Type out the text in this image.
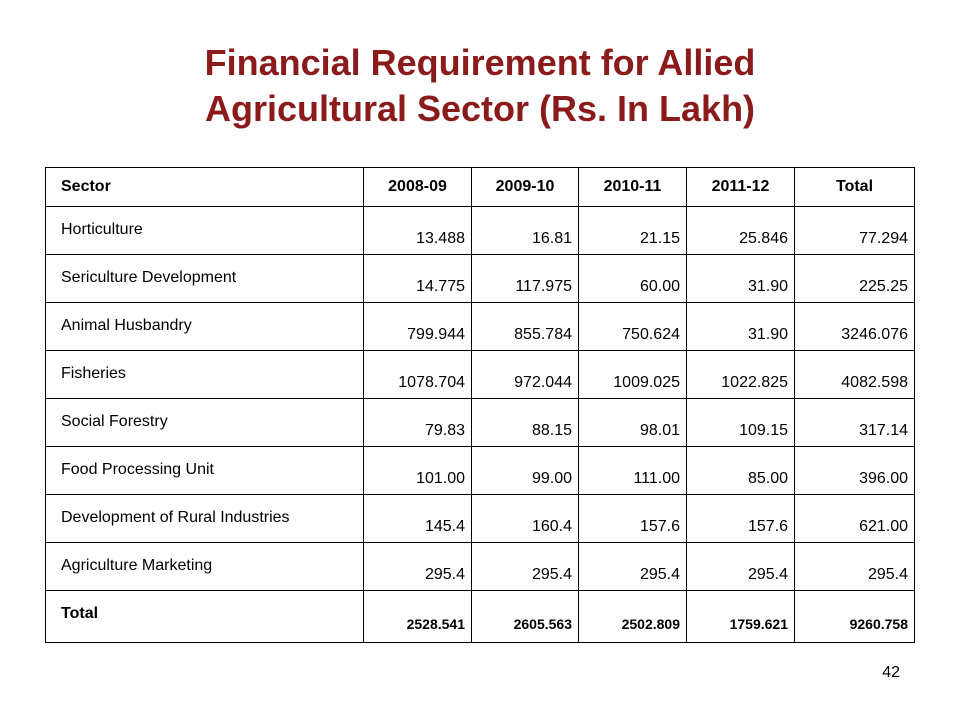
Financial Requirement for Allied
Agricultural Sector (Rs. In Lakh)
Sector	2008-09	2009-10	2010-11	2011-12	Total
Horticulture	13.488	16.81	21.15	25.846	77.294
Sericulture Development	14.775	117.975	60.00	31.90	225.25
Animal Husbandry	799.944	855.784	750.624	31.90	3246.076
Fisheries	1078.704	972.044	1009.025	1022.825	4082.598
Social Forestry	79.83	88.15	98.01	109.15	317.14
Food Processing Unit	101.00	99.00	111.00	85.00	396.00
Development of Rural Industries	145.4	160.4	157.6	157.6	621.00
Agriculture Marketing	295.4	295.4	295.4	295.4	295.4
Total	2528.541	2605.563	2502.809	1759.621	9260.758
42
